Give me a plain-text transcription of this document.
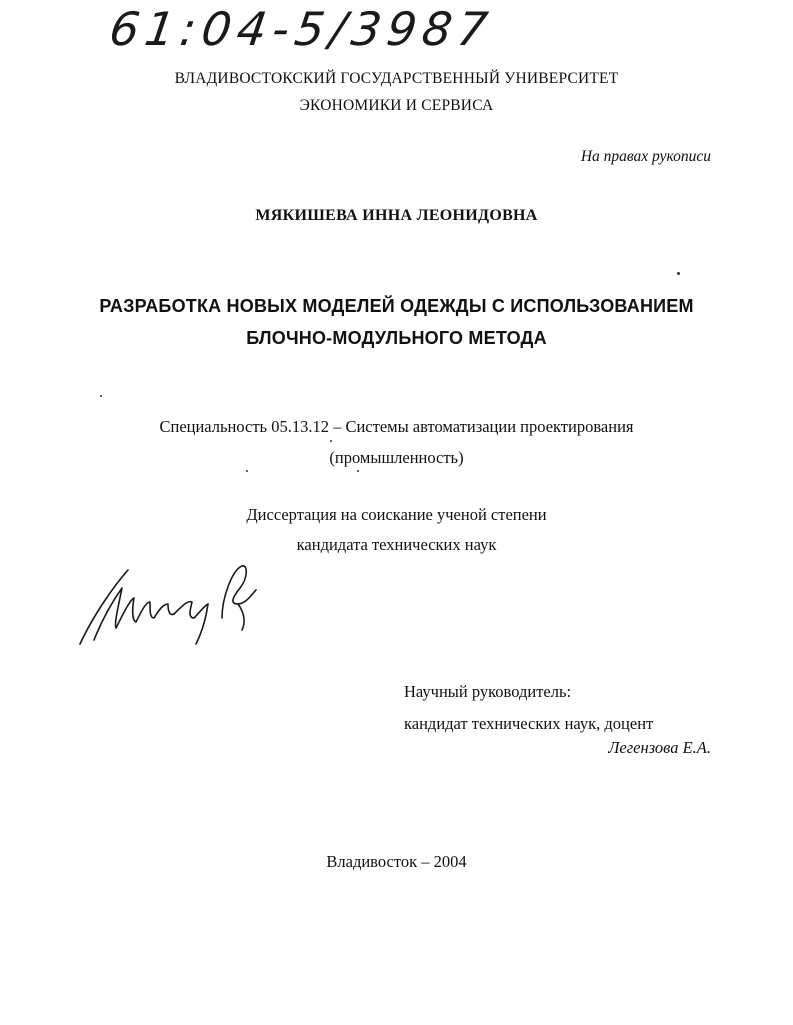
61:04-5/3987
ВЛАДИВОСТОКСКИЙ ГОСУДАРСТВЕННЫЙ УНИВЕРСИТЕТ
ЭКОНОМИКИ И СЕРВИСА
На правах рукописи
МЯКИШЕВА ИННА ЛЕОНИДОВНА
РАЗРАБОТКА НОВЫХ МОДЕЛЕЙ ОДЕЖДЫ С ИСПОЛЬЗОВАНИЕМ
БЛОЧНО-МОДУЛЬНОГО МЕТОДА
Специальность 05.13.12 – Системы автоматизации проектирования
(промышленность)
Диссертация на соискание ученой степени
кандидата технических наук
Научный руководитель:
кандидат технических наук, доцент
Легензова Е.А.
Владивосток – 2004
